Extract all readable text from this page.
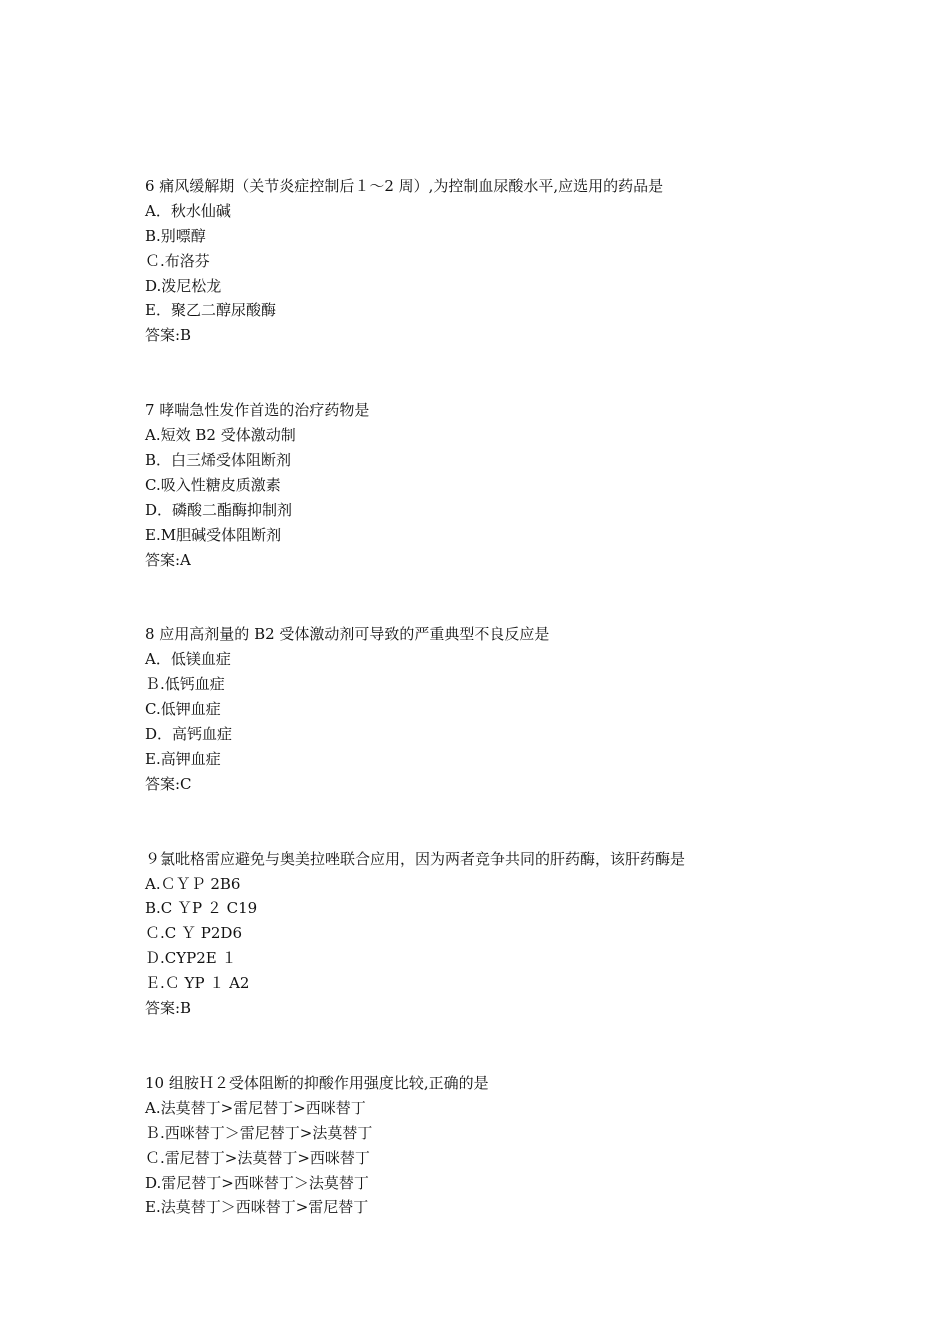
6 痛风缓解期（关节炎症控制后１～2 周）,为控制血尿酸水平,应选用的药品是
A．秋水仙碱
B.别嘌醇
Ｃ.布洛芬
D.泼尼松龙
E．聚乙二醇尿酸酶
答案:B
7 哮喘急性发作首选的治疗药物是
A.短效 B2 受体激动制
B．白三烯受体阻断剂
C.吸入性糖皮质激素
D．磷酸二酯酶抑制剂
E.M胆碱受体阻断剂
答案:A
8 应用高剂量的 B2 受体激动剂可导致的严重典型不良反应是
A．低镁血症
Ｂ.低钙血症
C.低钾血症
D．高钙血症
E.高钾血症
答案:C
９氯吡格雷应避免与奥美拉唑联合应用，因为两者竞争共同的肝药酶，该肝药酶是
A.ＣＹＰ 2B6
B.C ＹP ２ C19
Ｃ.C Ｙ P2D6
Ｄ.CYP2E １
Ｅ.Ｃ YP １ A2
答案:B
10 组胺Ｈ２受体阻断的抑酸作用强度比较,正确的是
A.法莫替丁>雷尼替丁>西咪替丁
Ｂ.西咪替丁＞雷尼替丁>法莫替丁
Ｃ.雷尼替丁>法莫替丁>西咪替丁
D.雷尼替丁>西咪替丁＞法莫替丁
E.法莫替丁＞西咪替丁>雷尼替丁
